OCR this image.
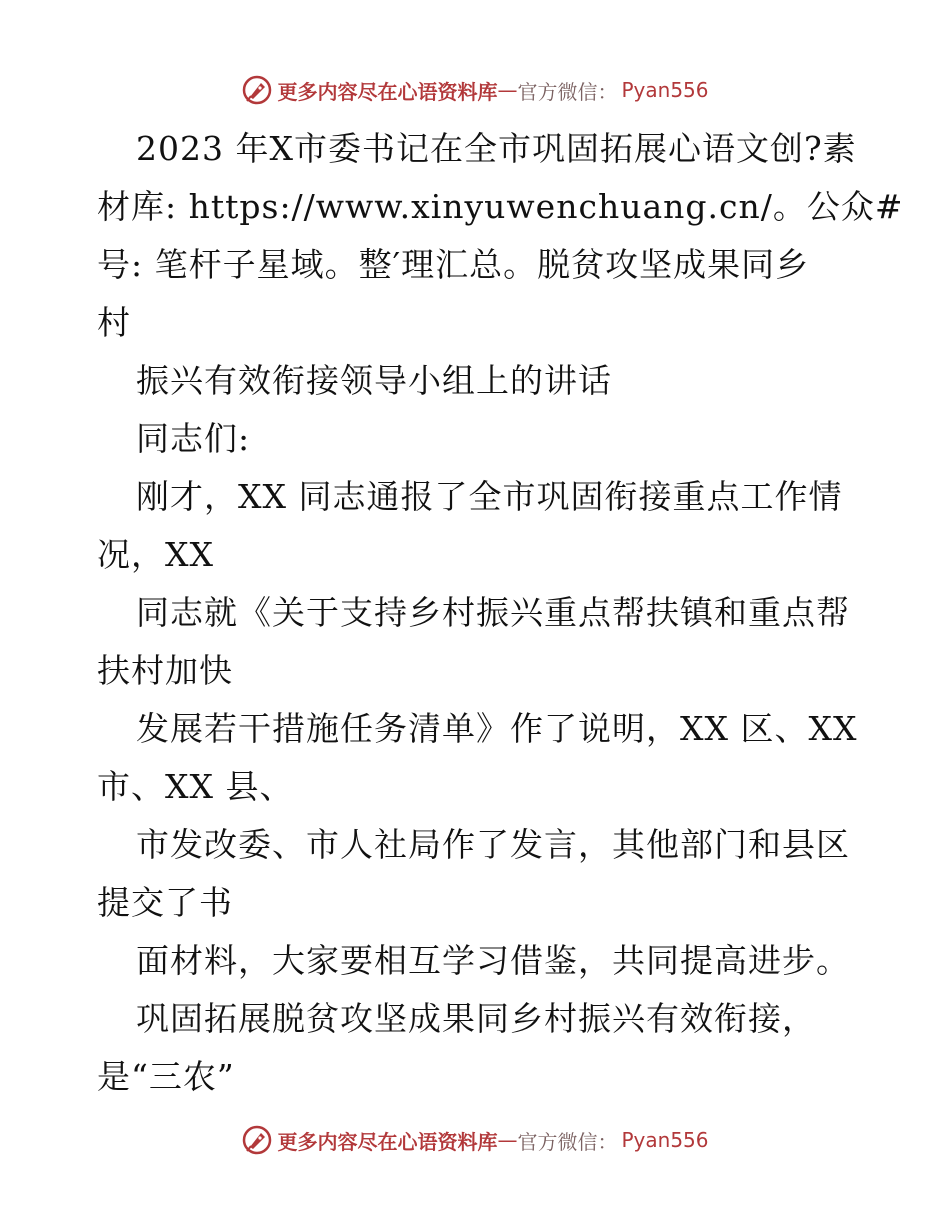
更多内容尽在心语资料库 — 官方微信： Pyan556
2023 年X市委书记在全市巩固拓展心语文创?素
材库: https://www.xinyuwenchuang.cn/。公众#
号: 笔杆子星域。整′理汇总。脱贫攻坚成果同乡
村
振兴有效衔接领导小组上的讲话
同志们:
刚才，XX 同志通报了全市巩固衔接重点工作情
况，XX
同志就《关于支持乡村振兴重点帮扶镇和重点帮
扶村加快
发展若干措施任务清单》作了说明，XX 区、XX
市、XX 县、
市发改委、市人社局作了发言，其他部门和县区
提交了书
面材料，大家要相互学习借鉴，共同提高进步。
巩固拓展脱贫攻坚成果同乡村振兴有效衔接，
是“三农”
更多内容尽在心语资料库 — 官方微信： Pyan556
